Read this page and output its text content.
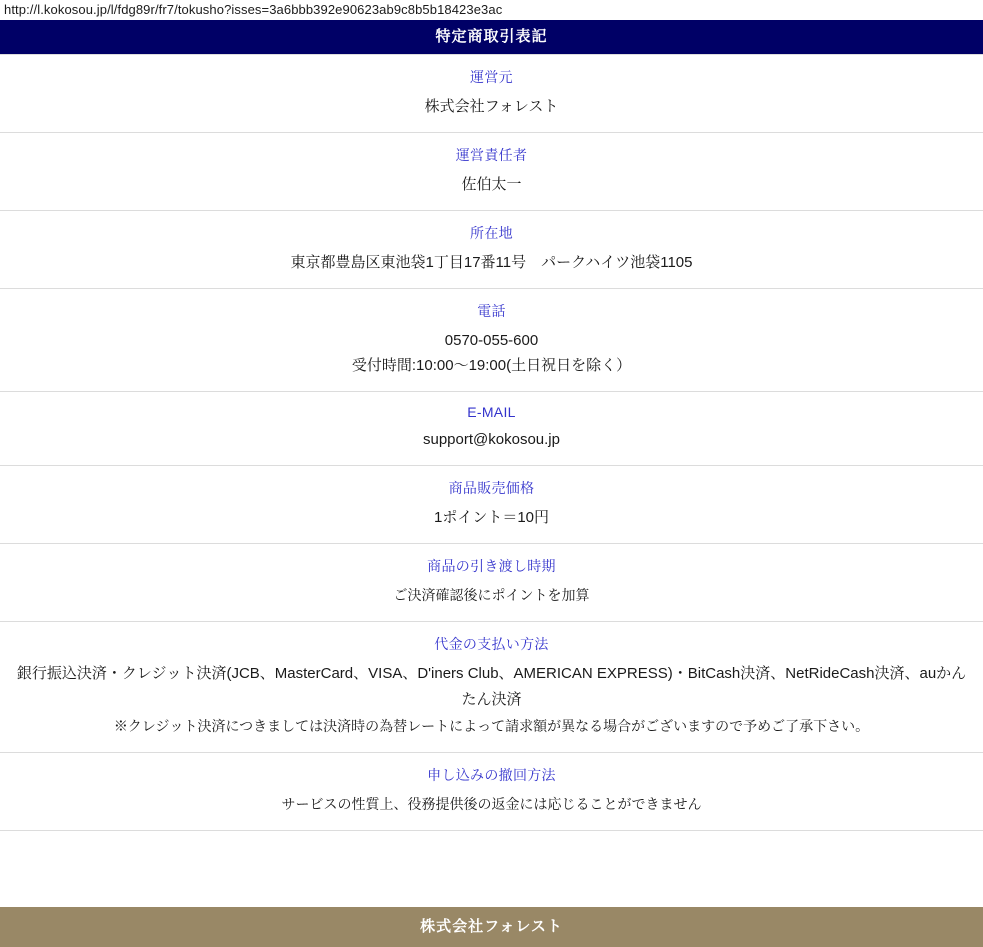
http://l.kokosou.jp/l/fdg89r/fr7/tokusho?isses=3a6bbb392e90623ab9c8b5b18423e3ac
特定商取引表記
運営元
株式会社フォレスト
運営責任者
佐伯太一
所在地
東京都豊島区東池袋1丁目17番11号　パークハイツ池袋1105
電話
0570-055-600
受付時間:10:00〜19:00(土日祝日を除く）
E-MAIL
support@kokosou.jp
商品販売価格
1ポイント＝10円
商品の引き渡し時期
ご決済確認後にポイントを加算
代金の支払い方法
銀行振込決済・クレジット決済(JCB、MasterCard、VISA、D'iners Club、AMERICAN EXPRESS)・BitCash決済、NetRideCash決済、auかんたん決済
※クレジット決済につきましては決済時の為替レートによって請求額が異なる場合がございますので予めご了承下さい。
申し込みの撤回方法
サービスの性質上、役務提供後の返金には応じることができません
株式会社フォレスト
